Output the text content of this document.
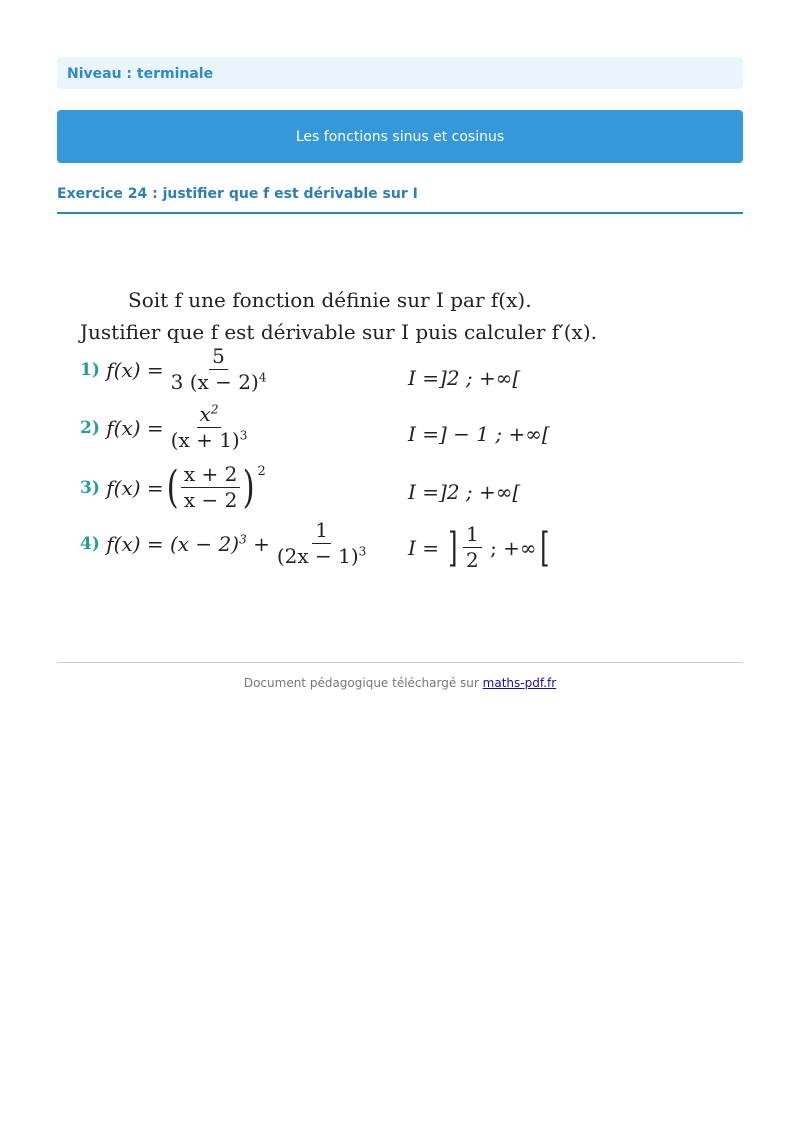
Niveau : terminale
Les fonctions sinus et cosinus
Exercice 24 : justifier que f est dérivable sur I
Soit f une fonction définie sur I par f(x).
Justifier que f est dérivable sur I puis calculer f′(x).
1)
$f(x) = \frac{5}{3 (x - 2)^4}$	I =]2 ; +∞[
2)
$f(x) = \frac{x^2}{(x + 1)^3}$	I =] − 1 ; +∞[
3)
f(x) = ( $\frac{x + 2}{x - 2}$ ) 2
I =]2 ; +∞[
4)
$f(x) = (x - 2)^3$
+ $\frac{1}{(2x - 1)^3}$ I =
] $\frac{1}{2}$
; +∞ [
Document pédagogique téléchargé sur maths-pdf.fr
